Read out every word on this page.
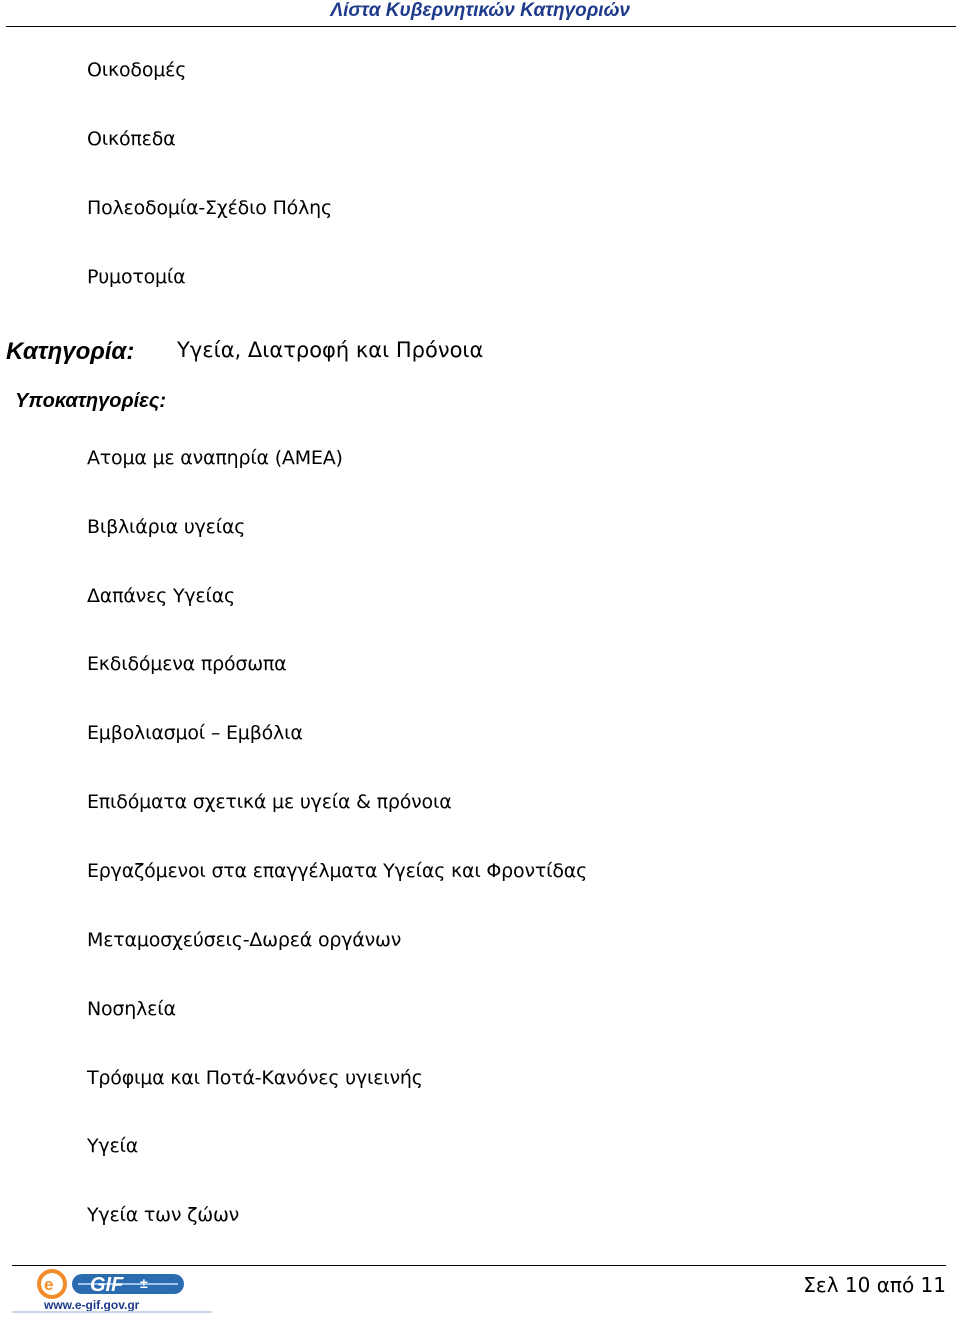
Λίστα Κυβερνητικών Κατηγοριών
Οικοδομές
Οικόπεδα
Πολεοδομία-Σχέδιο Πόλης
Ρυμοτομία
Κατηγορία: Υγεία, Διατροφή και Πρόνοια
Υποκατηγορίες:
Ατομα με αναπηρία (ΑΜΕΑ)
Βιβλιάρια υγείας
Δαπάνες Υγείας
Εκδιδόμενα πρόσωπα
Εμβολιασμοί – Εμβόλια
Επιδόματα σχετικά με υγεία & πρόνοια
Εργαζόμενοι στα επαγγέλματα Υγείας και Φροντίδας
Μεταμοσχεύσεις-Δωρεά οργάνων
Νοσηλεία
Τρόφιμα και Ποτά-Κανόνες υγιεινής
Υγεία
Υγεία των ζώων
GIF ±
e
www.e-gif.gov.gr
Σελ 10 από 11
